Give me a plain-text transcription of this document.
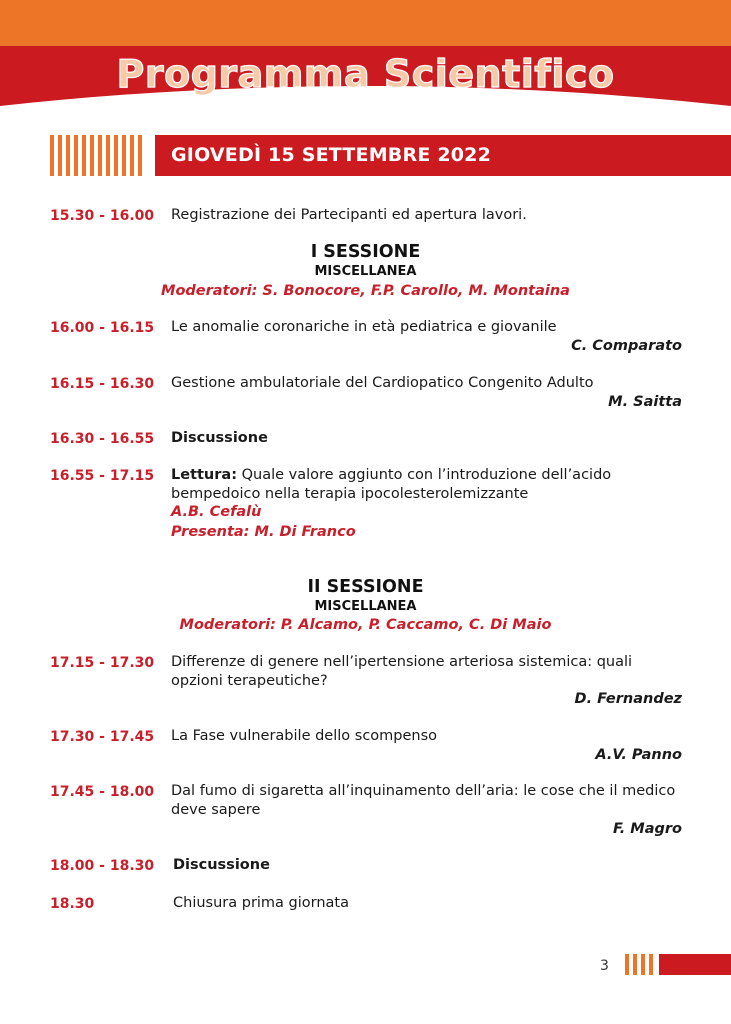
Programma Scientifico
GIOVEDÌ 15 SETTEMBRE 2022
15.30 - 16.00 Registrazione dei Partecipanti ed apertura lavori.
I SESSIONE
MISCELLANEA
Moderatori: S. Bonocore, F.P. Carollo, M. Montaina
16.00 - 16.15 Le anomalie coronariche in età pediatrica e giovanile
C. Comparato
16.15 - 16.30 Gestione ambulatoriale del Cardiopatico Congenito Adulto
M. Saitta
16.30 - 16.55 Discussione
16.55 - 17.15 Lettura: Quale valore aggiunto con l’introduzione dell’acido bempedoico nella terapia ipocolesterolemizzante
A.B. Cefalù
Presenta: M. Di Franco
II SESSIONE
MISCELLANEA
Moderatori: P. Alcamo, P. Caccamo, C. Di Maio
17.15 - 17.30 Differenze di genere nell’ipertensione arteriosa sistemica: quali opzioni terapeutiche?
D. Fernandez
17.30 - 17.45 La Fase vulnerabile dello scompenso
A.V. Panno
17.45 - 18.00 Dal fumo di sigaretta all’inquinamento dell’aria: le cose che il medico deve sapere
F. Magro
18.00 - 18.30 Discussione
18.30	Chiusura prima giornata
3
